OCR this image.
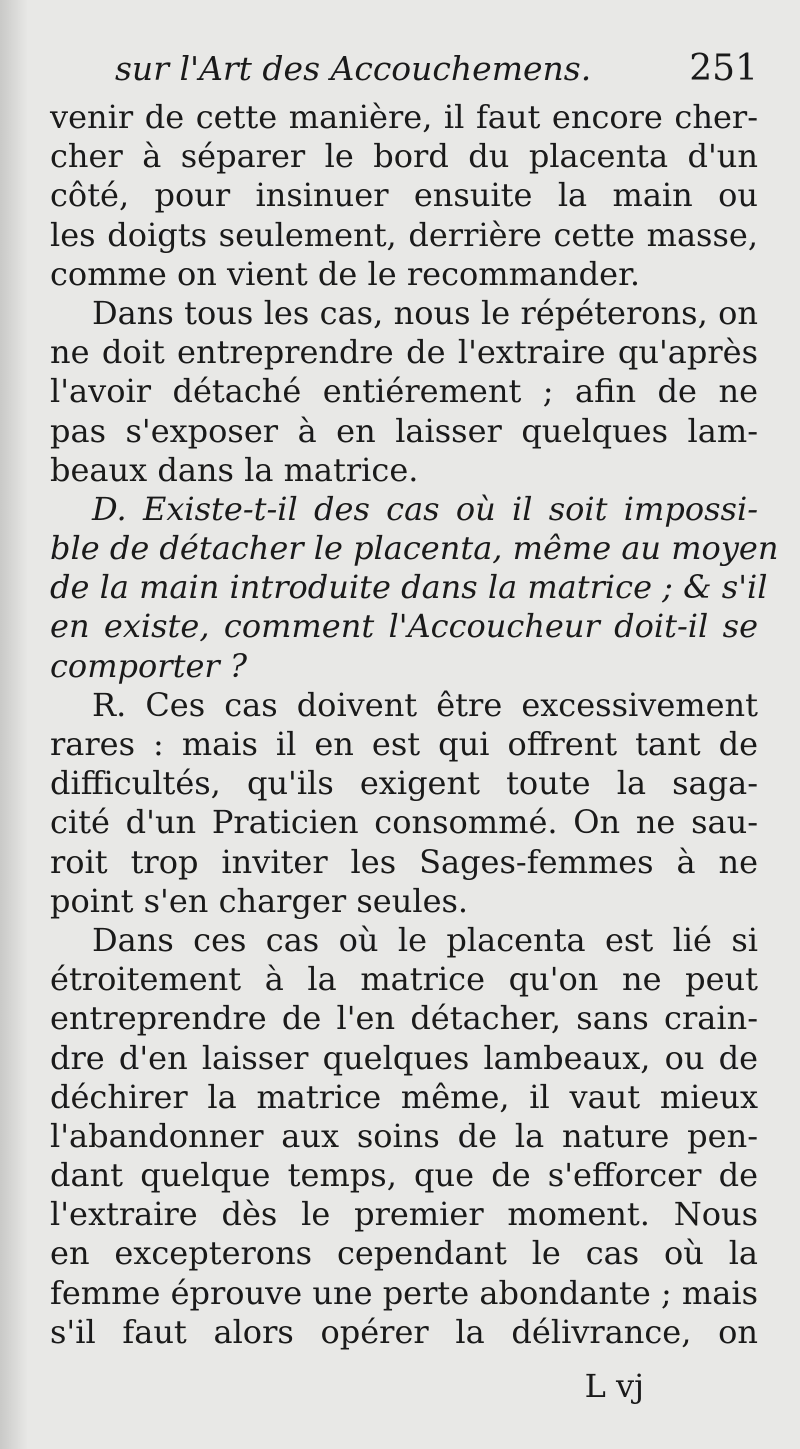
sur l'Art des Accouchemens.	251
venir de cette manière, il faut encore cher-
cher à séparer le bord du placenta d'un
côté, pour insinuer ensuite la main ou
les doigts seulement, derrière cette masse,
comme on vient de le recommander.
Dans tous les cas, nous le répéterons, on
ne doit entreprendre de l'extraire qu'après
l'avoir détaché entiérement ; afin de ne
pas s'exposer à en laisser quelques lam-
beaux dans la matrice.
D. Existe-t-il des cas où il soit impossi-
ble de détacher le placenta, même au moyen
de la main introduite dans la matrice ; & s'il
en existe, comment l'Accoucheur doit-il se
comporter ?
R. Ces cas doivent être excessivement
rares : mais il en est qui offrent tant de
difficultés, qu'ils exigent toute la saga-
cité d'un Praticien consommé. On ne sau-
roit trop inviter les Sages-femmes à ne
point s'en charger seules.
Dans ces cas où le placenta est lié si
étroitement à la matrice qu'on ne peut
entreprendre de l'en détacher, sans crain-
dre d'en laisser quelques lambeaux, ou de
déchirer la matrice même, il vaut mieux
l'abandonner aux soins de la nature pen-
dant quelque temps, que de s'efforcer de
l'extraire dès le premier moment. Nous
en excepterons cependant le cas où la
femme éprouve une perte abondante ; mais
s'il faut alors opérer la délivrance, on
L vj
